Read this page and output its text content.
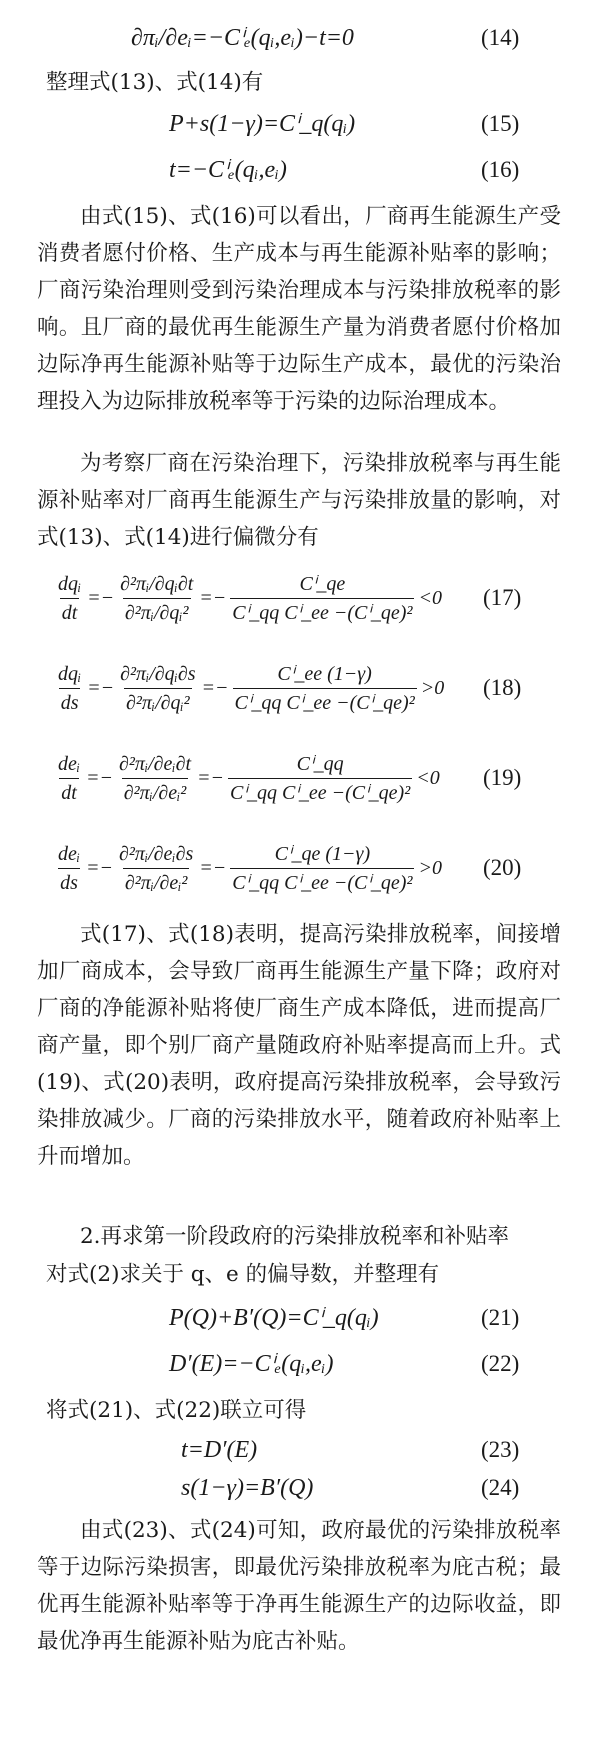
∂πᵢ/∂eᵢ=−Cⁱₑ(qᵢ,eᵢ)−t=0	(14)
整理式(13)、式(14)有
P+s(1−γ)=Cⁱ_q(qᵢ)	(15)
t=−Cⁱₑ(qᵢ,eᵢ)	(16)
由式(15)、式(16)可以看出，厂商再生能源生产受消费者愿付价格、生产成本与再生能源补贴率的影响；厂商污染治理则受到污染治理成本与污染排放税率的影响。且厂商的最优再生能源生产量为消费者愿付价格加边际净再生能源补贴等于边际生产成本，最优的污染治理投入为边际排放税率等于污染的边际治理成本。
为考察厂商在污染治理下，污染排放税率与再生能源补贴率对厂商再生能源生产与污染排放量的影响，对式(13)、式(14)进行偏微分有
$\frac{\text{dqᵢ}}{dt} =- \frac{\text{∂²πᵢ/∂qᵢ∂t}}{\text{∂²πᵢ/∂qᵢ²}} =- \frac{\text{Cⁱ\_qe}}{\text{Cⁱ\_qq Cⁱ\_ee −(Cⁱ\_qe)²}} <0$ (17)
$\frac{\text{dqᵢ}}{ds} =- \frac{\text{∂²πᵢ/∂qᵢ∂s}}{\text{∂²πᵢ/∂qᵢ²}} =- \frac{\text{Cⁱ\_ee (1−γ)}}{\text{Cⁱ\_qq Cⁱ\_ee −(Cⁱ\_qe)²}} >0$ (18)
$\frac{\text{deᵢ}}{dt} =- \frac{\text{∂²πᵢ/∂eᵢ∂t}}{\text{∂²πᵢ/∂eᵢ²}} =- \frac{\text{Cⁱ\_qq}}{\text{Cⁱ\_qq Cⁱ\_ee −(Cⁱ\_qe)²}} <0$ (19)
$\frac{\text{deᵢ}}{ds} =- \frac{\text{∂²πᵢ/∂eᵢ∂s}}{\text{∂²πᵢ/∂eᵢ²}} =- \frac{\text{Cⁱ\_qe (1−γ)}}{\text{Cⁱ\_qq Cⁱ\_ee −(Cⁱ\_qe)²}} >0$ (20)
式(17)、式(18)表明，提高污染排放税率，间接增加厂商成本，会导致厂商再生能源生产量下降；政府对厂商的净能源补贴将使厂商生产成本降低，进而提高厂商产量，即个别厂商产量随政府补贴率提高而上升。式(19)、式(20)表明，政府提高污染排放税率，会导致污染排放减少。厂商的污染排放水平，随着政府补贴率上升而增加。
2.再求第一阶段政府的污染排放税率和补贴率
对式(2)求关于 q、e 的偏导数，并整理有
P(Q)+B′(Q)=Cⁱ_q(qᵢ)	(21)
D′(E)=−Cⁱₑ(qᵢ,eᵢ)	(22)
将式(21)、式(22)联立可得
t=D′(E)	(23)
s(1−γ)=B′(Q)	(24)
由式(23)、式(24)可知，政府最优的污染排放税率等于边际污染损害，即最优污染排放税率为庇古税；最优再生能源补贴率等于净再生能源生产的边际收益，即最优净再生能源补贴为庇古补贴。
